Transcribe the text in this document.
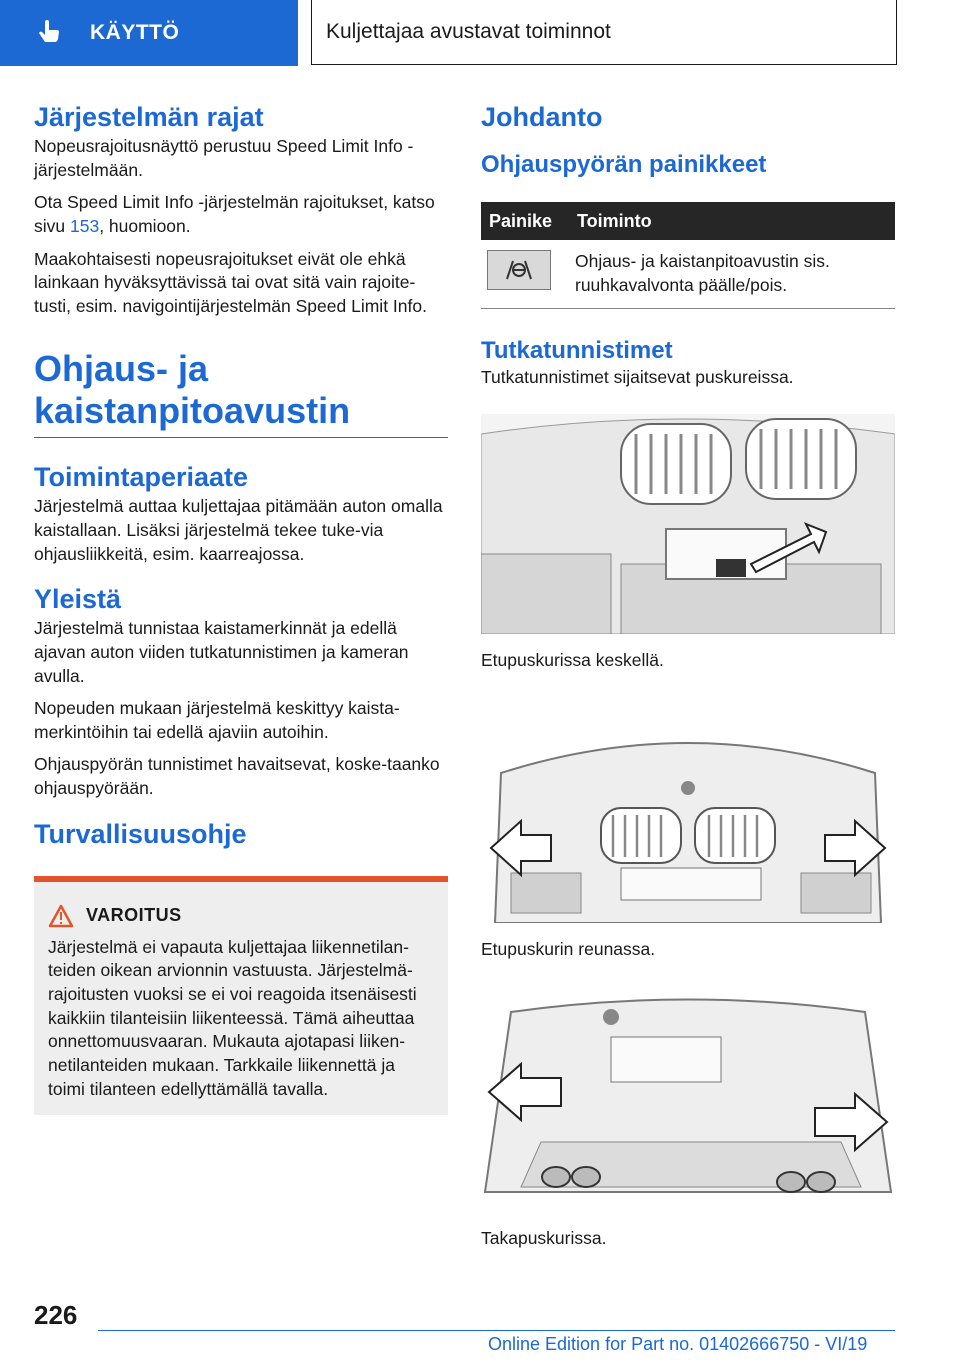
KÄYTTÖ	Kuljettajaa avustavat toiminnot
Järjestelmän rajat

Nopeusrajoitusnäyttö perustuu Speed Limit Info -järjestelmään.

Ota Speed Limit Info -järjestelmän rajoitukset, katso sivu 153, huomioon.

Maakohtaisesti nopeusrajoitukset eivät ole ehkä lainkaan hyväksyttävissä tai ovat sitä vain rajoite-tusti, esim. navigointijärjestelmän Speed Limit Info.

Ohjaus- ja
kaistanpitoavustin
Toimintaperiaate

Järjestelmä auttaa kuljettajaa pitämään auton omalla kaistallaan. Lisäksi järjestelmä tekee tuke-via ohjausliikkeitä, esim. kaarreajossa.

Yleistä

Järjestelmä tunnistaa kaistamerkinnät ja edellä ajavan auton viiden tutkatunnistimen ja kameran avulla.

Nopeuden mukaan järjestelmä keskittyy kaista-merkintöihin tai edellä ajaviin autoihin.

Ohjauspyörän tunnistimet havaitsevat, koske-taanko ohjauspyörään.

Turvallisuusohje
VAROITUS

Järjestelmä ei vapauta kuljettajaa liikennetilan-teiden oikean arvionnin vastuusta. Järjestelmä-rajoitusten vuoksi se ei voi reagoida itsenäisesti kaikkiin tilanteisiin liikenteessä. Tämä aiheuttaa onnettomuusvaaran. Mukauta ajotapasi liiken-netilanteiden mukaan. Tarkkaile liikennettä ja toimi tilanteen edellyttämällä tavalla.

Johdanto
Ohjauspyörän painikkeet
Painike	Toiminto

	Ohjaus- ja kaistanpitoavustin sis. ruuhkavalvonta päälle/pois.
Tutkatunnistimet

Tutkatunnistimet sijaitsevat puskureissa.

Etupuskurissa keskellä.

Etupuskurin reunassa.

Takapuskurissa.

226
Online Edition for Part no. 01402666750 - VI/19
